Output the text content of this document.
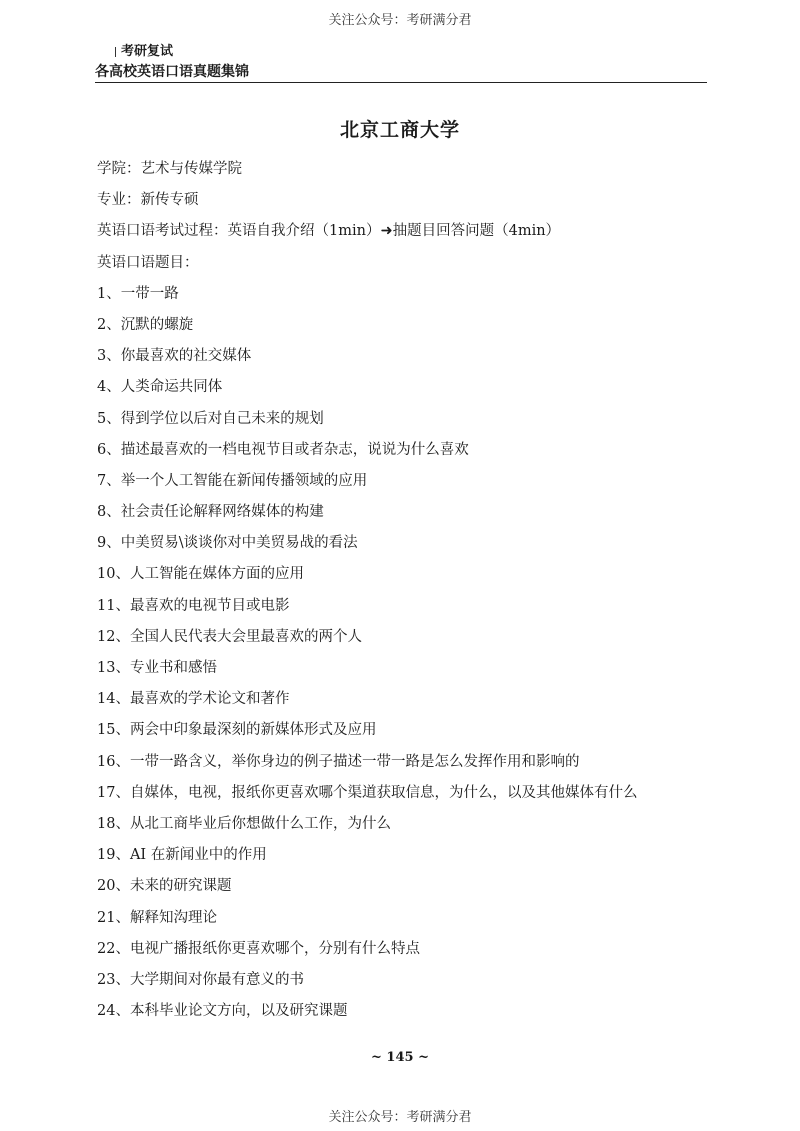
关注公众号：考研满分君
考研复试
各高校英语口语真题集锦
北京工商大学
学院：艺术与传媒学院
专业：新传专硕
英语口语考试过程：英语自我介绍（1min）➜抽题目回答问题（4min）
英语口语题目：
1、一带一路
2、沉默的螺旋
3、你最喜欢的社交媒体
4、人类命运共同体
5、得到学位以后对自己未来的规划
6、描述最喜欢的一档电视节目或者杂志，说说为什么喜欢
7、举一个人工智能在新闻传播领域的应用
8、社会责任论解释网络媒体的构建
9、中美贸易\谈谈你对中美贸易战的看法
10、人工智能在媒体方面的应用
11、最喜欢的电视节目或电影
12、全国人民代表大会里最喜欢的两个人
13、专业书和感悟
14、最喜欢的学术论文和著作
15、两会中印象最深刻的新媒体形式及应用
16、一带一路含义，举你身边的例子描述一带一路是怎么发挥作用和影响的
17、自媒体，电视，报纸你更喜欢哪个渠道获取信息，为什么，以及其他媒体有什么
18、从北工商毕业后你想做什么工作，为什么
19、AI 在新闻业中的作用
20、未来的研究课题
21、解释知沟理论
22、电视广播报纸你更喜欢哪个，分别有什么特点
23、大学期间对你最有意义的书
24、本科毕业论文方向，以及研究课题
~ 145 ~
关注公众号：考研满分君
